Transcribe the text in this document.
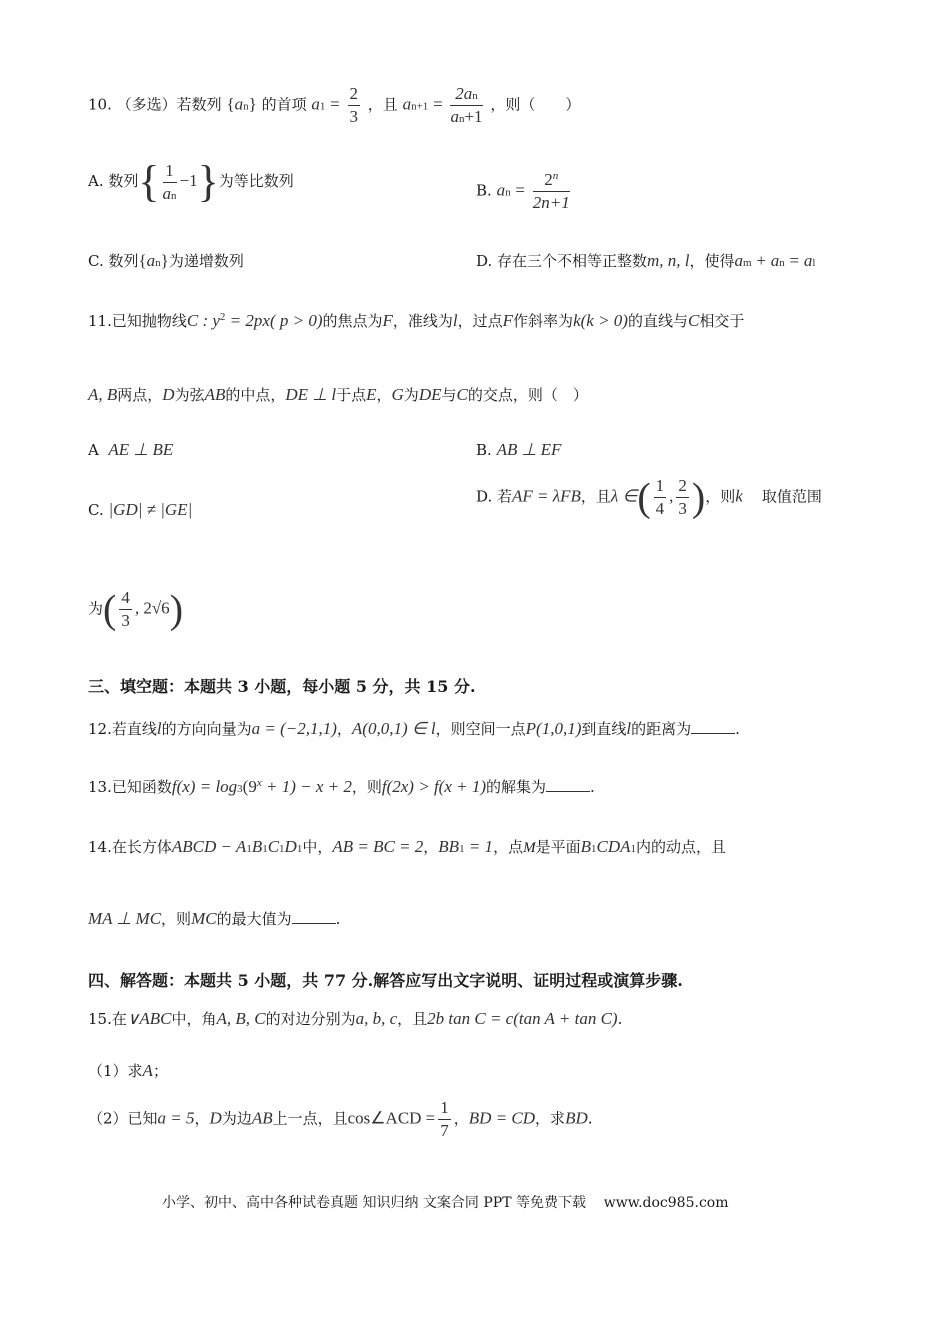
10. （多选）若数列 {an} 的首项 $a1 = \frac{2}{3}$ ，且 $an+1 = \frac{2an}{an+1}$ ，则（　　）
A. 数列{ $\frac{1}{an} -1$}为等比数列
B. an = $\frac{2^n}{2n+1}$
C. 数列{an}为递增数列	D. 存在三个不相等正整数m, n, l，使得am + an = al
11.已知抛物线C : $y^2 = 2px$( p > 0)的焦点为F，准线为l，过点F作斜率为k(k > 0)的直线与C相交于
A, B两点，D为弦AB的中点，DE ⊥ l于点E，G为DE与C的交点，则（　）
A AE ⊥ BE	B. AB ⊥ EF
C. |GD| ≠ |GE|
D. 若AF = λFB，且λ ∈( $\frac{1}{4}$ , $\frac{2}{3}$ )，则k 取值范围
为( $\frac{4}{3}$ , 2√6)
三、填空题：本题共 3 小题，每小题 5 分，共 15 分.
12.若直线l的方向向量为a = (−2,1,1)，A(0,0,1) ∈ l，则空间一点P(1,0,1)到直线l的距离为	.
13.已知函数$f(x) = \log 3(9^x + 1) - x + 2$，则f(2x) > f(x + 1)的解集为	.
14.在长方体ABCD − A1B1C1D1中，AB = BC = 2，BB1 = 1，点M是平面B1CDA1内的动点，且
MA ⊥ MC，则MC的最大值为	.
四、解答题：本题共 5 小题，共 77 分.解答应写出文字说明、证明过程或演算步骤.
15.在∨ABC中，角A, B, C的对边分别为a, b, c，且2b tan C = c(tan A + tan C).
（1）求A；
（2）已知a = 5，D为边AB上一点，且cos∠ACD = $\frac{1}{7}$ ，BD = CD，求BD.
小学、初中、高中各种试卷真题 知识归纳 文案合同 PPT 等免费下载 www.doc985.com
